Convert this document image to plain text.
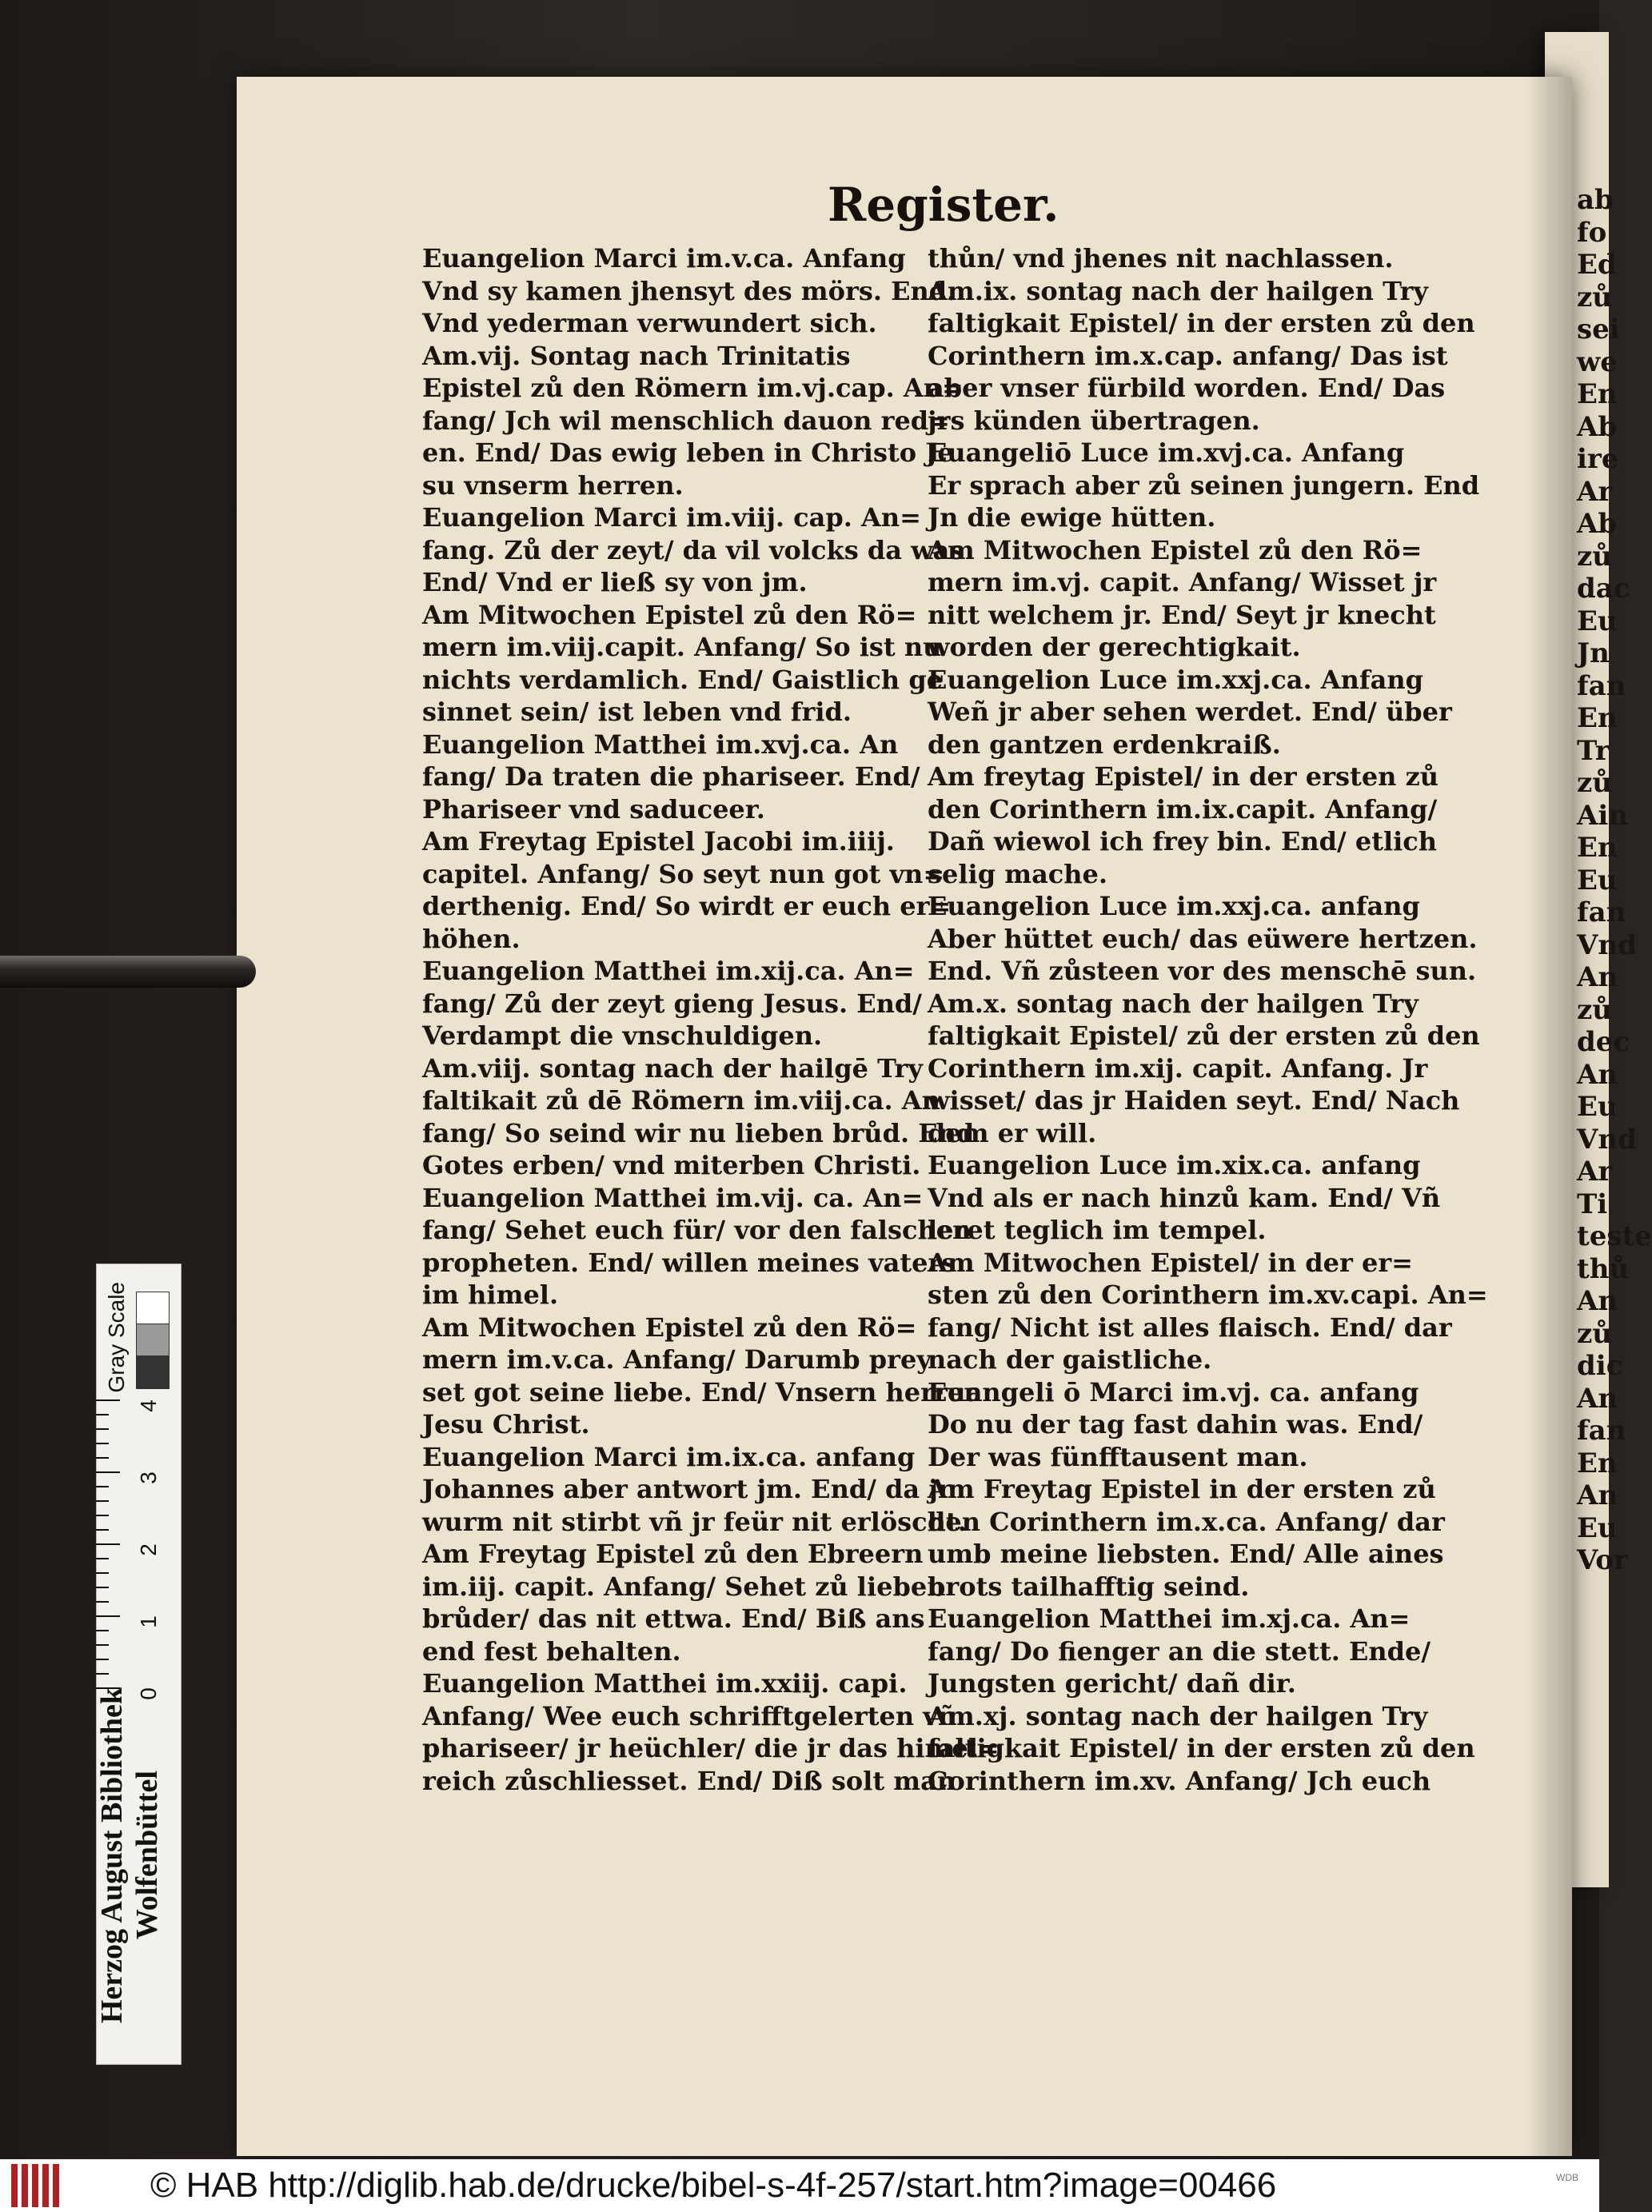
ab
fo
Ed
zů
sei
we
En
Ab
ire
Ar
Ab
zů
dac
Eu
Jn
fan
En
Tr
zů
Ain
En
Eu
fan
Vnd
An
zů
dec
An
Eu
Vnd
Ar
Ti
teste
thů
An
zů
dic
An
fan
En
An
Eu
Vor
Register.
Euangelion Marci im.v.ca. Anfang
Vnd sy kamen jhensyt des mörs. End.
Vnd yederman verwundert sich.
Am.vij. Sontag nach Trinitatis
Epistel zů den Römern im.vj.cap. An=
fang/ Jch wil menschlich dauon red=
en. End/ Das ewig leben in Christo Je
su vnserm herren.
Euangelion Marci im.viij. cap. An=
fang. Zů der zeyt/ da vil volcks da was
End/ Vnd er ließ sy von jm.
Am Mitwochen Epistel zů den Rö=
mern im.viij.capit. Anfang/ So ist nu
nichts verdamlich. End/ Gaistlich ge
sinnet sein/ ist leben vnd frid.
Euangelion Matthei im.xvj.ca. An
fang/ Da traten die phariseer. End/
Phariseer vnd saduceer.
Am Freytag Epistel Jacobi im.iiij.
capitel. Anfang/ So seyt nun got vn=
derthenig. End/ So wirdt er euch er=
höhen.
Euangelion Matthei im.xij.ca. An=
fang/ Zů der zeyt gieng Jesus. End/
Verdampt die vnschuldigen.
Am.viij. sontag nach der hailgē Try
faltikait zů dē Römern im.viij.ca. An
fang/ So seind wir nu lieben brůd. End
Gotes erben/ vnd miterben Christi.
Euangelion Matthei im.vij. ca. An=
fang/ Sehet euch für/ vor den falschen
propheten. End/ willen meines vaters
im himel.
Am Mitwochen Epistel zů den Rö=
mern im.v.ca. Anfang/ Darumb prey
set got seine liebe. End/ Vnsern herren
Jesu Christ.
Euangelion Marci im.ix.ca. anfang
Johannes aber antwort jm. End/ da jr
wurm nit stirbt vñ jr feür nit erlöscht.
Am Freytag Epistel zů den Ebreern
im.iij. capit. Anfang/ Sehet zů lieben
brůder/ das nit ettwa. End/ Biß ans
end fest behalten.
Euangelion Matthei im.xxiij. capi.
Anfang/ Wee euch schrifftgelerten vñ
phariseer/ jr heüchler/ die jr das himel=
reich zůschliesset. End/ Diß solt man
thůn/ vnd jhenes nit nachlassen.
Am.ix. sontag nach der hailgen Try
faltigkait Epistel/ in der ersten zů den
Corinthern im.x.cap. anfang/ Das ist
aber vnser fürbild worden. End/ Das
jrs künden übertragen.
Euangeliō Luce im.xvj.ca. Anfang
Er sprach aber zů seinen jungern. End
Jn die ewige hütten.
Am Mitwochen Epistel zů den Rö=
mern im.vj. capit. Anfang/ Wisset jr
nitt welchem jr. End/ Seyt jr knecht
worden der gerechtigkait.
Euangelion Luce im.xxj.ca. Anfang
Weñ jr aber sehen werdet. End/ über
den gantzen erdenkraiß.
Am freytag Epistel/ in der ersten zů
den Corinthern im.ix.capit. Anfang/
Dañ wiewol ich frey bin. End/ etlich
selig mache.
Euangelion Luce im.xxj.ca. anfang
Aber hüttet euch/ das eüwere hertzen.
End. Vñ zůsteen vor des menschē sun.
Am.x. sontag nach der hailgen Try
faltigkait Epistel/ zů der ersten zů den
Corinthern im.xij. capit. Anfang. Jr
wisset/ das jr Haiden seyt. End/ Nach
dem er will.
Euangelion Luce im.xix.ca. anfang
Vnd als er nach hinzů kam. End/ Vñ
leret teglich im tempel.
Am Mitwochen Epistel/ in der er=
sten zů den Corinthern im.xv.capi. An=
fang/ Nicht ist alles flaisch. End/ dar
nach der gaistliche.
Euangeli ō Marci im.vj. ca. anfang
Do nu der tag fast dahin was. End/
Der was fünfftausent man.
Am Freytag Epistel in der ersten zů
den Corinthern im.x.ca. Anfang/ dar
umb meine liebsten. End/ Alle aines
brots tailhafftig seind.
Euangelion Matthei im.xj.ca. An=
fang/ Do fienger an die stett. Ende/
Jungsten gericht/ dañ dir.
Am.xj. sontag nach der hailgen Try
faltigkait Epistel/ in der ersten zů den
Corinthern im.xv. Anfang/ Jch euch
Gray Scale
4
3
2
1
0
Herzog August Bibliothek Wolfenbüttel
© HAB http://diglib.hab.de/drucke/bibel-s-4f-257/start.htm?image=00466	WDB
